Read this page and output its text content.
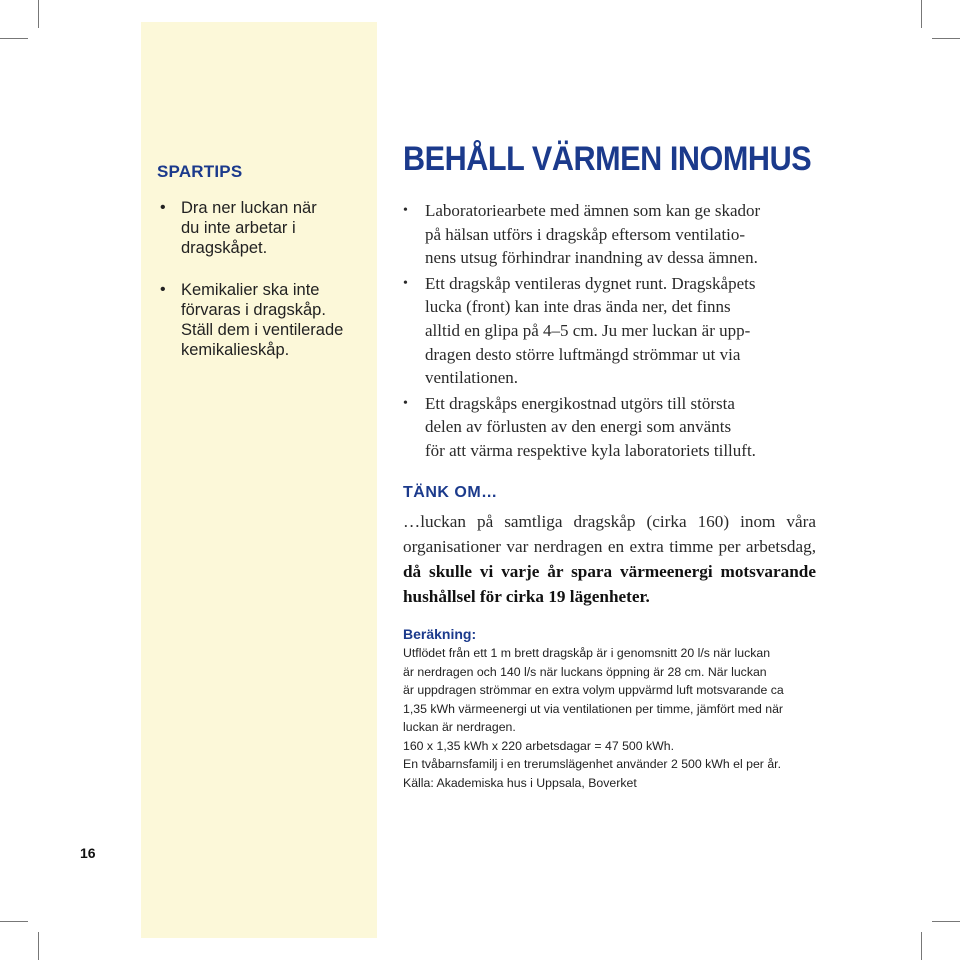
SPARTIPS
• Dra ner luckan när
du inte arbetar i
dragskåpet.
• Kemikalier ska inte
förvaras i dragskåp.
Ställ dem i ventilerade
kemikalieskåp.
BEHÅLL VÄRMEN INOMHUS
• Laboratoriearbete med ämnen som kan ge skador
på hälsan utförs i dragskåp eftersom ventilatio-
nens utsug förhindrar inandning av dessa ämnen.
• Ett dragskåp ventileras dygnet runt. Dragskåpets
lucka (front) kan inte dras ända ner, det finns
alltid en glipa på 4–5 cm. Ju mer luckan är upp-
dragen desto större luftmängd strömmar ut via
ventilationen.
• Ett dragskåps energikostnad utgörs till största
delen av förlusten av den energi som använts
för att värma respektive kyla laboratoriets tilluft.
TÄNK OM…
…luckan på samtliga dragskåp (cirka 160) inom våra organisationer var nerdragen en extra timme per arbetsdag, då skulle vi varje år spara värmeenergi motsvarande hushållsel för cirka 19 lägenheter.
Beräkning:
Utflödet från ett 1 m brett dragskåp är i genomsnitt 20 l/s när luckan
är nerdragen och 140 l/s när luckans öppning är 28 cm. När luckan
är uppdragen strömmar en extra volym uppvärmd luft motsvarande ca
1,35 kWh värmeenergi ut via ventilationen per timme, jämfört med när
luckan är nerdragen.
160 x 1,35 kWh x 220 arbetsdagar = 47 500 kWh.
En tvåbarnsfamilj i en trerumslägenhet använder 2 500 kWh el per år.
Källa: Akademiska hus i Uppsala, Boverket
16
